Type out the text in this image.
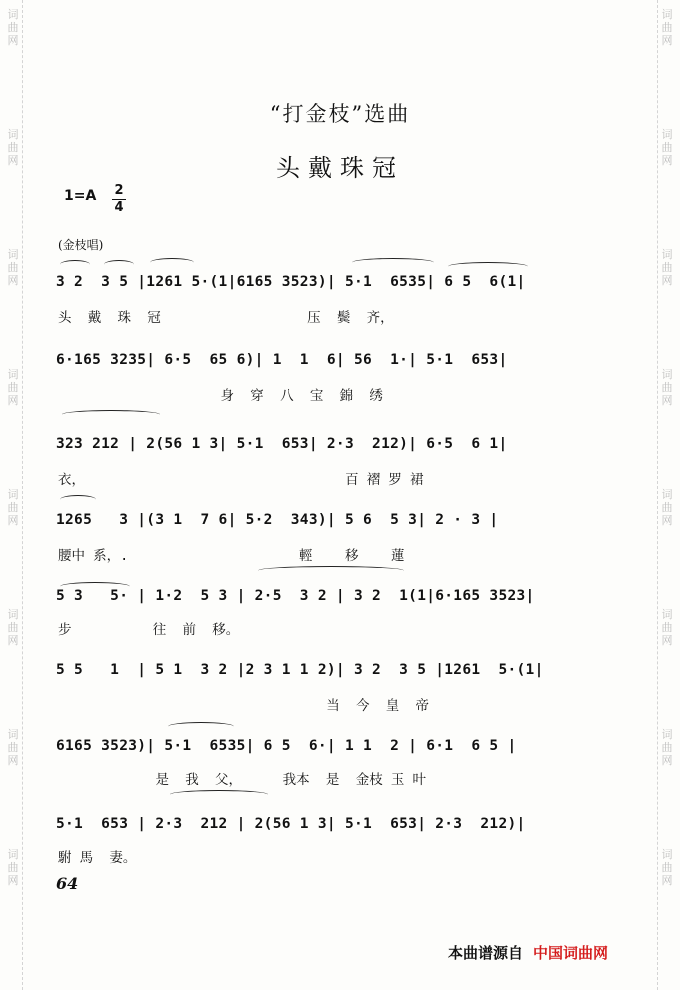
词
曲
网
词
曲
网
词
曲
网
词
曲
网
词
曲
网
词
曲
网
词
曲
网
词
曲
网
词
曲
网
词
曲
网
词
曲
网
词
曲
网
词
曲
网
词
曲
网
词
曲
网
词
曲
网
“打金枝”选曲
头戴珠冠
1=A 2
4
(金枝唱)
3 2  3 5 |1261 5·(1|6165 3523)| 5·1  6535| 6 5  6(1|
头  戴  珠  冠                  压  鬓  齐，
6·165 3235| 6·5  65 6)| 1  1  6| 56  1·| 5·1  653|
身  穿  八  宝  錦  绣
323 212 | 2(56 1 3| 5·1  653| 2·3  212)| 6·5  6 1|
衣，                                百 褶 罗 裙
1265   3 |(3 1  7 6| 5·2  343)| 5 6  5 3| 2 · 3 |
腰中 系，.                     輕    移    蓮
5 3   5· | 1·2  5 3 | 2·5  3 2 | 3 2  1(1|6·165 3523|
步          往  前  移。
5 5   1  | 5 1  3 2 |2 3 1 1 2)| 3 2  3 5 |1261  5·(1|
当  今  皇  帝
6165 3523)| 5·1  6535| 6 5  6·| 1 1  2 | 6·1  6 5 |
是  我  父，     我本  是  金枝 玉 叶
5·1  653 | 2·3  212 | 2(56 1 3| 5·1  653| 2·3  212)|
駙 馬  妻。
64
本曲谱源自 中国词曲网
